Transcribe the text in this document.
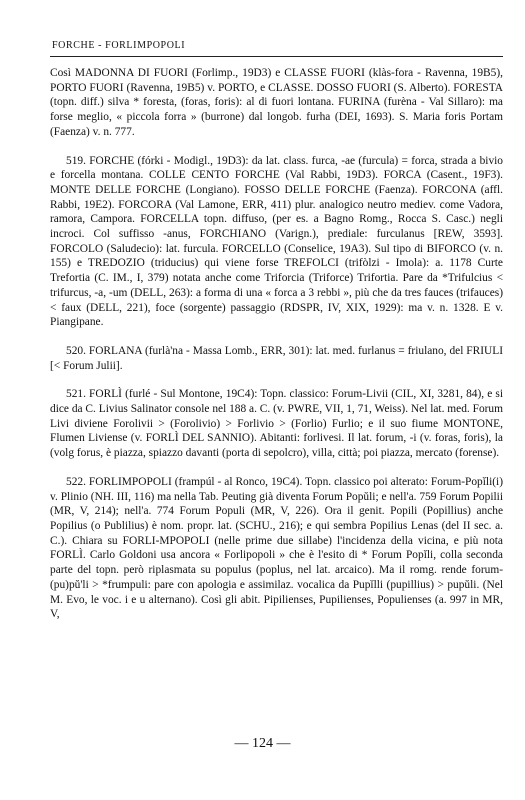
FORCHE - FORLIMPOPOLI

Così MADONNA DI FUORI (Forlimp., 19D3) e CLASSE FUORI (klàs-fora - Ravenna, 19B5), PORTO FUORI (Ravenna, 19B5) v. PORTO, e CLASSE. DOSSO FUORI (S. Alberto). FORESTA (topn. diff.) silva * foresta, (foras, foris): al di fuori lontana. FURINA (furèna - Val Sillaro): ma forse meglio, « piccola forra » (burrone) dal longob. furha (DEI, 1693). S. Maria foris Portam (Faenza) v. n. 777.

519. FORCHE (fórki - Modigl., 19D3): da lat. class. furca, -ae (furcula) = forca, strada a bivio e forcella montana. COLLE CENTO FORCHE (Val Rabbi, 19D3). FORCA (Casent., 19F3). MONTE DELLE FORCHE (Longiano). FOSSO DELLE FORCHE (Faenza). FORCONA (affl. Rabbi, 19E2). FORCORA (Val Lamone, ERR, 411) plur. analogico neutro mediev. come Vadora, ramora, Campora. FORCELLA topn. diffuso, (per es. a Bagno Romg., Rocca S. Casc.) negli incroci. Col suffisso -anus, FORCHIANO (Varign.), prediale: furculanus [REW, 3593]. FORCOLO (Saludecio): lat. furcula. FORCELLO (Conselice, 19A3). Sul tipo di BIFORCO (v. n. 155) e TREDOZIO (triducius) qui viene forse TREFOLCI (trifòlzi - Imola): a. 1178 Curte Trefortia (C. IM., I, 379) notata anche come Triforcia (Triforce) Trifortia. Pare da *Trifulcius < trifurcus, -a, -um (DELL, 263): a forma di una « forca a 3 rebbi », più che da tres fauces (trifauces) < faux (DELL, 221), foce (sorgente) passaggio (RDSPR, IV, XIX, 1929): ma v. n. 1328. E v. Piangipane.

520. FORLANA (furlà'na - Massa Lomb., ERR, 301): lat. med. furlanus = friulano, del FRIULI [< Forum Julii].

521. FORLÌ (furlé - Sul Montone, 19C4): Topn. classico: Forum-Livii (CIL, XI, 3281, 84), e si dice da C. Livius Salinator console nel 188 a. C. (v. PWRE, VII, 1, 71, Weiss). Nel lat. med. Forum Livi diviene Forolivii > (Forolivio) > Forlivio > (Forlio) Furlio; e il suo fiume MONTONE, Flumen Liviense (v. FORLÌ DEL SANNIO). Abitanti: forlivesi. Il lat. forum, -i (v. foras, foris), la (volg forus, è piazza, spiazzo davanti (porta di sepolcro), villa, città; poi piazza, mercato (forense).

522. FORLIMPOPOLI (frampúl - al Ronco, 19C4). Topn. classico poi alterato: Forum-Popĭli(i) v. Plinio (NH. III, 116) ma nella Tab. Peuting già diventa Forum Popŭli; e nell'a. 759 Forum Popilii (MR, V, 214); nell'a. 774 Forum Populi (MR, V, 226). Ora il genit. Popili (Popillius) anche Popilius (o Publilius) è nom. propr. lat. (SCHU., 216); e qui sembra Popilius Lenas (del II sec. a. C.). Chiara su FORLI-MPOPOLI (nelle prime due sillabe) l'incidenza della vicina, e più nota FORLÌ. Carlo Goldoni usa ancora « Forlipopoli » che è l'esito di * Forum Popĭli, colla seconda parte del topn. però riplasmata su populus (poplus, nel lat. arcaico). Ma il romg. rende forum-(pu)pŭ'li > *frumpuli: pare con apologia e assimilaz. vocalica da Pupĭlli (pupillius) > pupŭli. (Nel M. Evo, le voc. i e u alternano). Così gli abit. Pipilienses, Pupilienses, Populienses (a. 997 in MR, V,

— 124 —
